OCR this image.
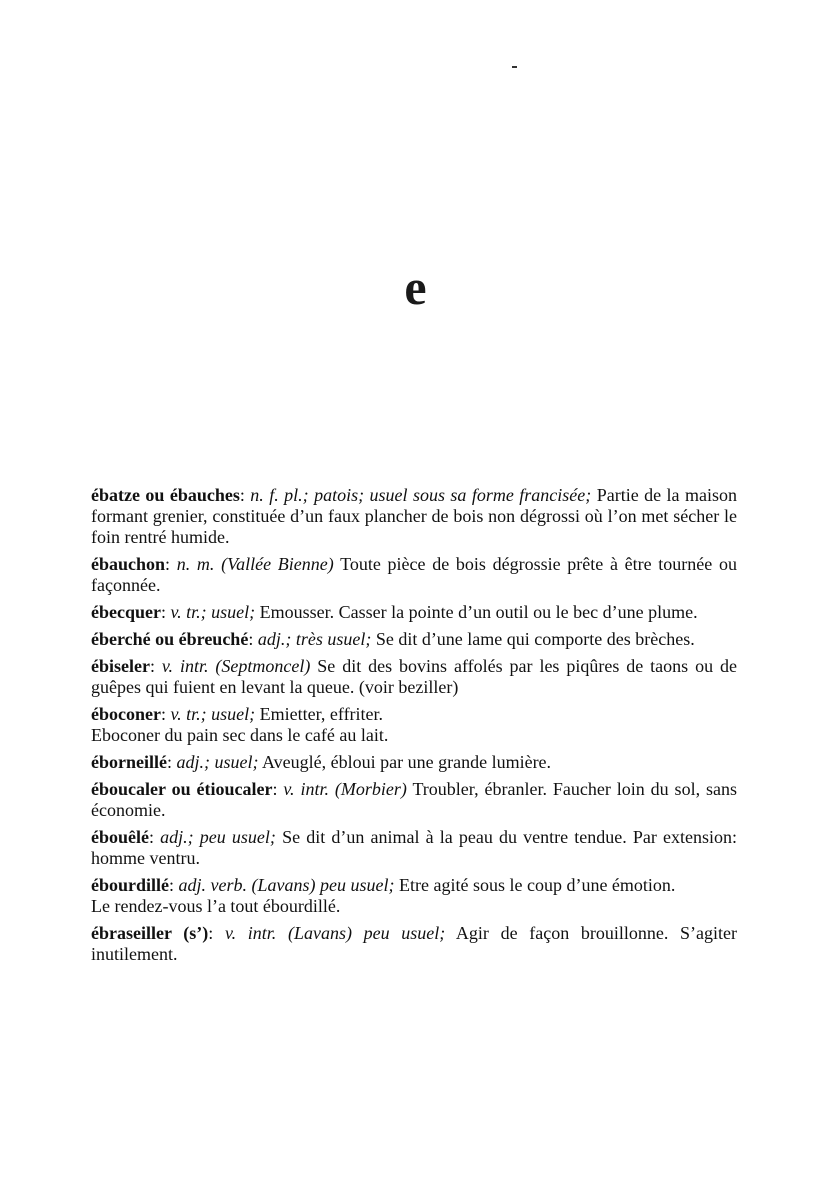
e

ébatze ou ébauches: n. f. pl.; patois; usuel sous sa forme francisée; Partie de la maison formant grenier, constituée d’un faux plancher de bois non dégrossi où l’on met sécher le foin rentré humide.

ébauchon: n. m. (Vallée Bienne) Toute pièce de bois dégrossie prête à être tournée ou façonnée.

ébecquer: v. tr.; usuel; Emousser. Casser la pointe d’un outil ou le bec d’une plume.

éberché ou ébreuché: adj.; très usuel; Se dit d’une lame qui comporte des brèches.

ébiseler: v. intr. (Septmoncel) Se dit des bovins affolés par les piqûres de taons ou de guêpes qui fuient en levant la queue. (voir beziller)

éboconer: v. tr.; usuel; Emietter, effriter.
Eboconer du pain sec dans le café au lait.

éborneillé: adj.; usuel; Aveuglé, ébloui par une grande lumière.

éboucaler ou étioucaler: v. intr. (Morbier) Troubler, ébranler. Faucher loin du sol, sans économie.

ébouêlé: adj.; peu usuel; Se dit d’un animal à la peau du ventre tendue. Par extension: homme ventru.

ébourdillé: adj. verb. (Lavans) peu usuel; Etre agité sous le coup d’une émotion.
Le rendez-vous l’a tout ébourdillé.

ébraseiller (s’): v. intr. (Lavans) peu usuel; Agir de façon brouillonne. S’agiter inutilement.
